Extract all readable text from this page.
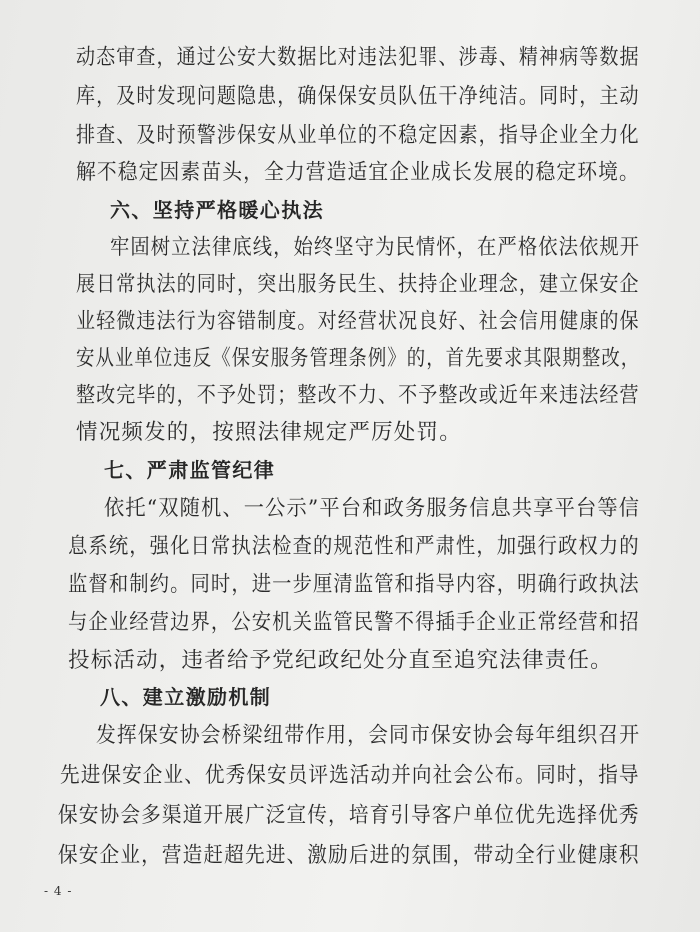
动态审查，通过公安大数据比对违法犯罪、涉毒、精神病等数据
库，及时发现问题隐患，确保保安员队伍干净纯洁。同时，主动
排查、及时预警涉保安从业单位的不稳定因素，指导企业全力化
解不稳定因素苗头，全力营造适宜企业成长发展的稳定环境。
六、坚持严格暖心执法
牢固树立法律底线，始终坚守为民情怀，在严格依法依规开
展日常执法的同时，突出服务民生、扶持企业理念，建立保安企
业轻微违法行为容错制度。对经营状况良好、社会信用健康的保
安从业单位违反《保安服务管理条例》的，首先要求其限期整改，
整改完毕的，不予处罚；整改不力、不予整改或近年来违法经营
情况频发的，按照法律规定严厉处罚。
七、严肃监管纪律
依托“双随机、一公示”平台和政务服务信息共享平台等信
息系统，强化日常执法检查的规范性和严肃性，加强行政权力的
监督和制约。同时，进一步厘清监管和指导内容，明确行政执法
与企业经营边界，公安机关监管民警不得插手企业正常经营和招
投标活动，违者给予党纪政纪处分直至追究法律责任。
八、建立激励机制
发挥保安协会桥梁纽带作用，会同市保安协会每年组织召开
先进保安企业、优秀保安员评选活动并向社会公布。同时，指导
保安协会多渠道开展广泛宣传，培育引导客户单位优先选择优秀
保安企业，营造赶超先进、激励后进的氛围，带动全行业健康积
- 4 -
